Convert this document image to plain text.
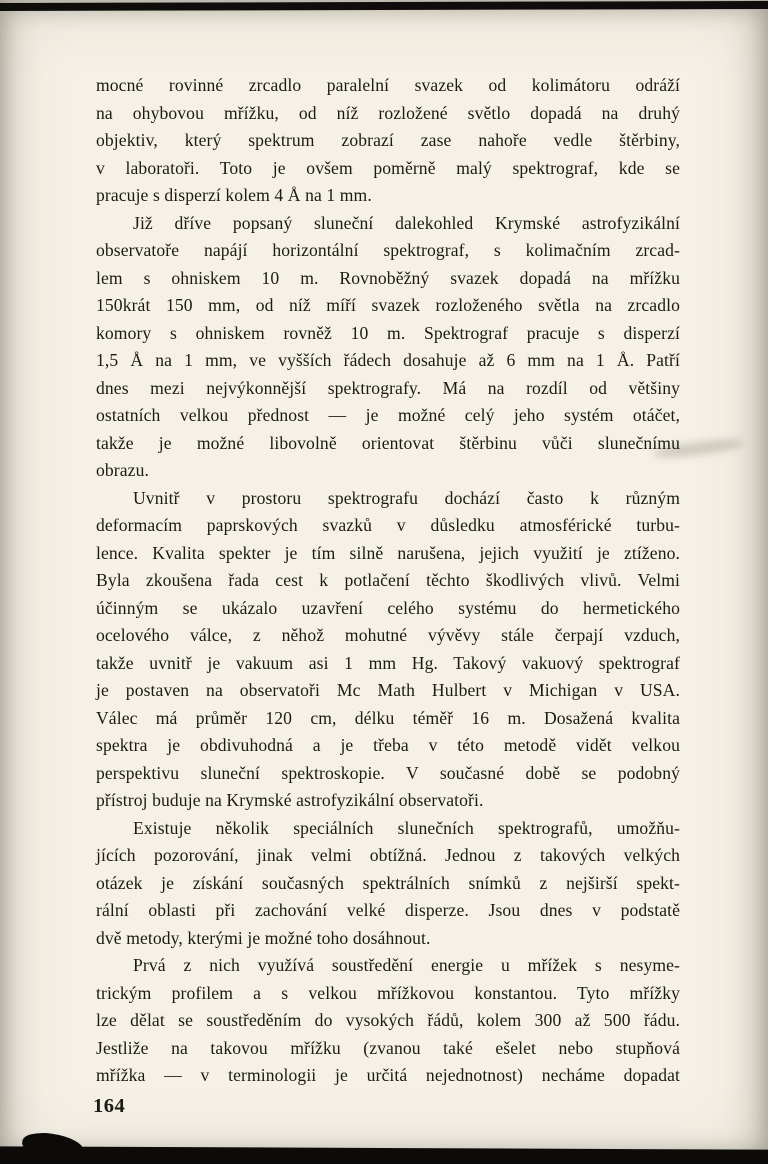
mocné rovinné zrcadlo paralelní svazek od kolimátoru odráží
na ohybovou mřížku, od níž rozložené světlo dopadá na druhý
objektiv, který spektrum zobrazí zase nahoře vedle štěrbiny,
v laboratoři. Toto je ovšem poměrně malý spektrograf, kde se
pracuje s disperzí kolem 4 Å na 1 mm.
Již dříve popsaný sluneční dalekohled Krymské astrofyzikální
observatoře napájí horizontální spektrograf, s kolimačním zrcad-
lem s ohniskem 10 m. Rovnoběžný svazek dopadá na mřížku
150krát 150 mm, od níž míří svazek rozloženého světla na zrcadlo
komory s ohniskem rovněž 10 m. Spektrograf pracuje s disperzí
1,5 Å na 1 mm, ve vyšších řádech dosahuje až 6 mm na 1 Å. Patří
dnes mezi nejvýkonnější spektrografy. Má na rozdíl od většiny
ostatních velkou přednost — je možné celý jeho systém otáčet,
takže je možné libovolně orientovat štěrbinu vůči slunečnímu
obrazu.
Uvnitř v prostoru spektrografu dochází často k různým
deformacím paprskových svazků v důsledku atmosférické turbu-
lence. Kvalita spekter je tím silně narušena, jejich využití je ztíženo.
Byla zkoušena řada cest k potlačení těchto škodlivých vlivů. Velmi
účinným se ukázalo uzavření celého systému do hermetického
ocelového válce, z něhož mohutné vývěvy stále čerpají vzduch,
takže uvnitř je vakuum asi 1 mm Hg. Takový vakuový spektrograf
je postaven na observatoři Mc Math Hulbert v Michigan v USA.
Válec má průměr 120 cm, délku téměř 16 m. Dosažená kvalita
spektra je obdivuhodná a je třeba v této metodě vidět velkou
perspektivu sluneční spektroskopie. V současné době se podobný
přístroj buduje na Krymské astrofyzikální observatoři.
Existuje několik speciálních slunečních spektrografů, umožňu-
jících pozorování, jinak velmi obtížná. Jednou z takových velkých
otázek je získání současných spektrálních snímků z nejširší spekt-
rální oblasti při zachování velké disperze. Jsou dnes v podstatě
dvě metody, kterými je možné toho dosáhnout.
Prvá z nich využívá soustředění energie u mřížek s nesyme-
trickým profilem a s velkou mřížkovou konstantou. Tyto mřížky
lze dělat se soustředěním do vysokých řádů, kolem 300 až 500 řádu.
Jestliže na takovou mřížku (zvanou také ešelet nebo stupňová
mřížka — v terminologii je určitá nejednotnost) necháme dopadat
164
